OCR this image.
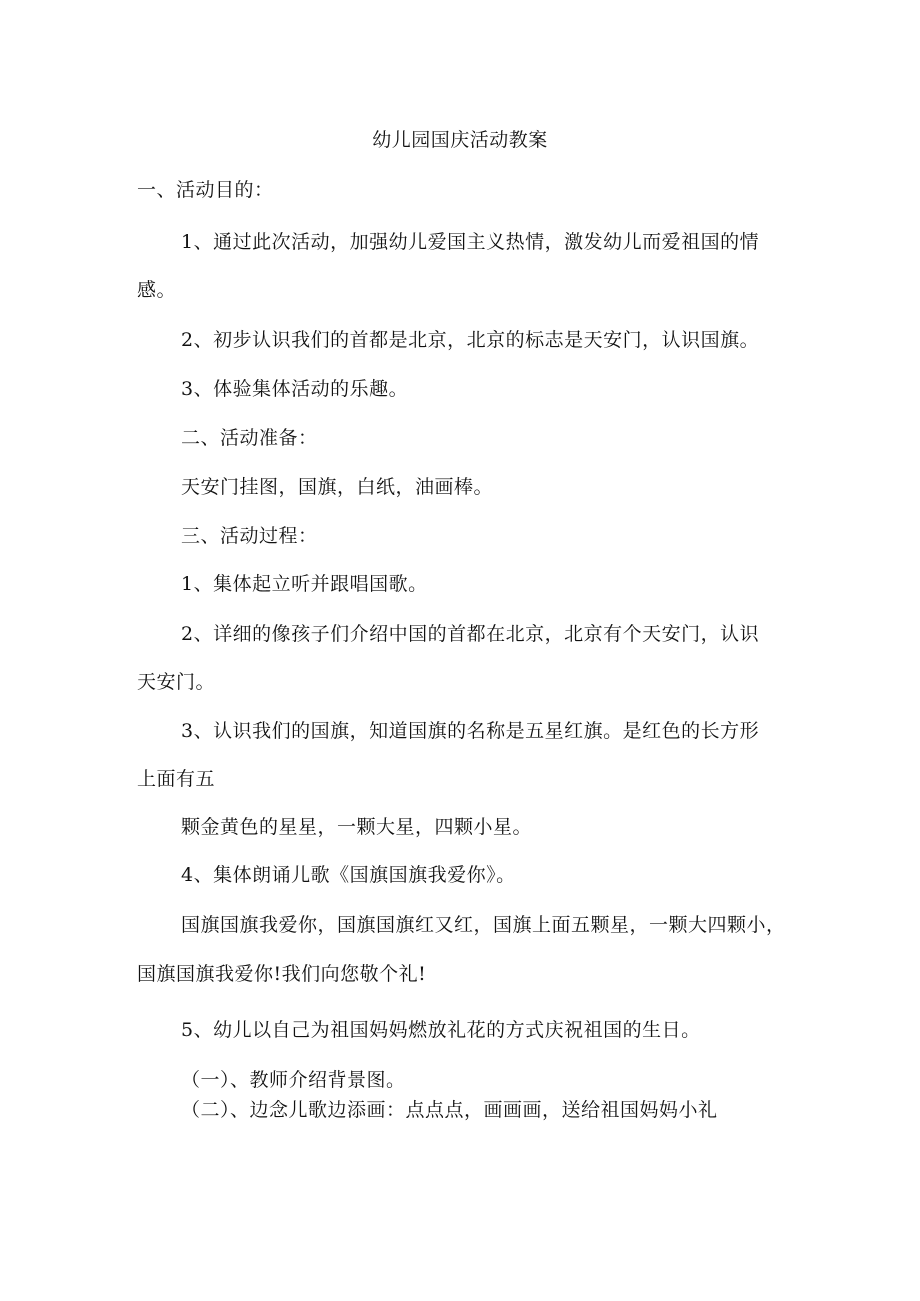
幼儿园国庆活动教案
一、活动目的：
1、通过此次活动，加强幼儿爱国主义热情，激发幼儿而爱祖国的情
感。
2、初步认识我们的首都是北京，北京的标志是天安门，认识国旗。
3、体验集体活动的乐趣。
二、活动准备：
天安门挂图，国旗，白纸，油画棒。
三、活动过程：
1、集体起立听并跟唱国歌。
2、详细的像孩子们介绍中国的首都在北京，北京有个天安门，认识
天安门。
3、认识我们的国旗，知道国旗的名称是五星红旗。是红色的长方形
上面有五
颗金黄色的星星，一颗大星，四颗小星。
4、集体朗诵儿歌《国旗国旗我爱你》。
国旗国旗我爱你，国旗国旗红又红，国旗上面五颗星，一颗大四颗小，
国旗国旗我爱你!我们向您敬个礼!
5、幼儿以自己为祖国妈妈燃放礼花的方式庆祝祖国的生日。
（一）、教师介绍背景图。
（二）、边念儿歌边添画：点点点，画画画，送给祖国妈妈小礼
